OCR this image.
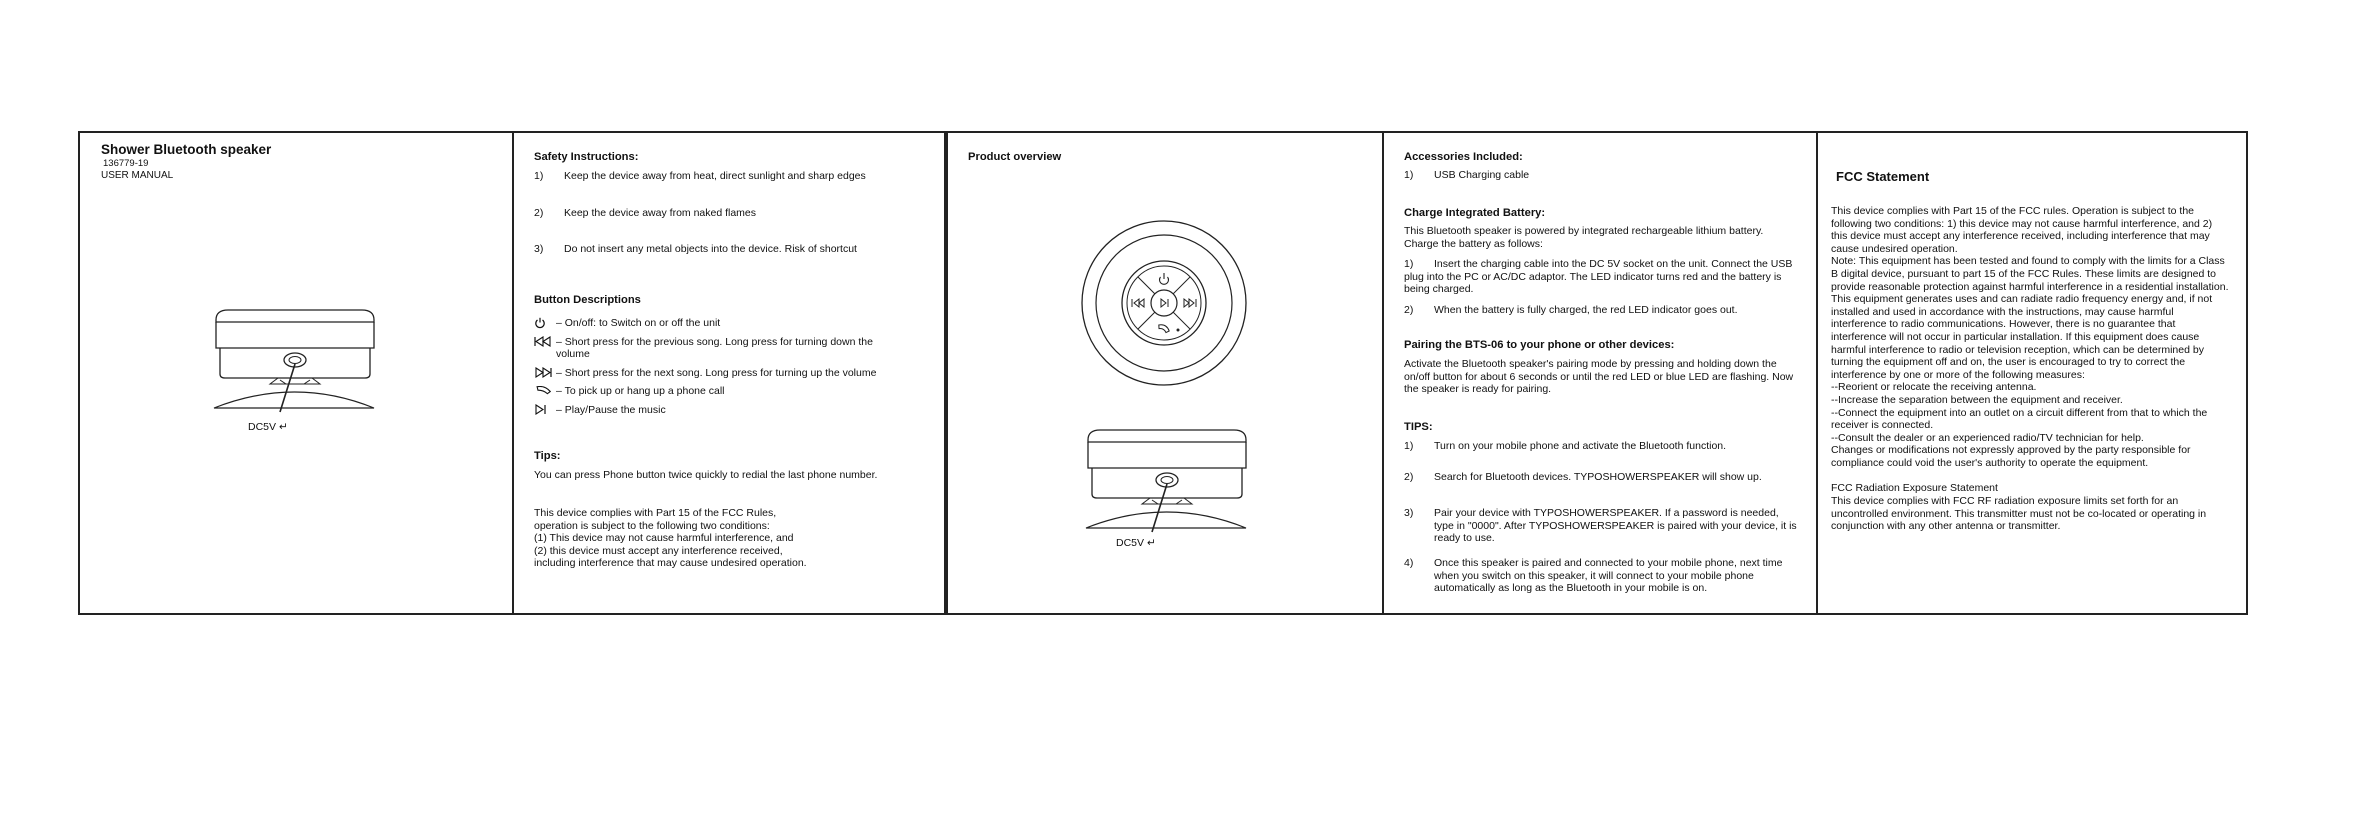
Shower Bluetooth speaker
136779-19
USER MANUAL
DC5V ↵
Safety Instructions:
1)	Keep the device away from heat, direct sunlight and sharp edges
2)	Keep the device away from naked flames
3)	Do not insert any metal objects into the device. Risk of shortcut
Button Descriptions
– On/off: to Switch on or off the unit
– Short press for the previous song. Long press for turning down the volume
– Short press for the next song. Long press for turning up the volume
– To pick up or hang up a phone call
– Play/Pause the music
Tips:
You can press Phone button twice quickly to redial the last phone number.
This device complies with Part 15 of the FCC Rules,
operation is subject to the following two conditions:
(1) This device may not cause harmful interference, and
(2) this device must accept any interference received,
including interference that may cause undesired operation.
Product overview
DC5V ↵
Accessories Included:
1)	USB Charging cable
Charge Integrated Battery:
This Bluetooth speaker is powered by integrated rechargeable lithium battery. Charge the battery as follows:
1)	Insert the charging cable into the DC 5V socket on the unit. Connect the USB plug into the PC or AC/DC adaptor. The LED indicator turns red and the battery is being charged.
2)	When the battery is fully charged, the red LED indicator goes out.
Pairing the BTS-06 to your phone or other devices:
Activate the Bluetooth speaker's pairing mode by pressing and holding down the on/off button for about 6 seconds or until the red LED or blue LED are flashing. Now the speaker is ready for pairing.
TIPS:
1)	Turn on your mobile phone and activate the Bluetooth function.
2)	Search for Bluetooth devices. TYPOSHOWERSPEAKER will show up.
3)	Pair your device with TYPOSHOWERSPEAKER. If a password is needed, type in "0000". After TYPOSHOWERSPEAKER is paired with your device, it is ready to use.
4)	Once this speaker is paired and connected to your mobile phone, next time when you switch on this speaker, it will connect to your mobile phone automatically as long as the Bluetooth in your mobile is on.
FCC Statement

This device complies with Part 15 of the FCC rules. Operation is subject to the following two conditions: 1) this device may not cause harmful interference, and 2) this device must accept any interference received, including interference that may cause undesired operation.

Note: This equipment has been tested and found to comply with the limits for a Class

B digital device, pursuant to part 15 of the FCC Rules. These limits are designed to provide reasonable protection against harmful interference in a residential installation.

This equipment generates uses and can radiate radio frequency energy and, if not installed and used in accordance with the instructions, may cause harmful interference to radio communications. However, there is no guarantee that interference will not occur in particular installation. If this equipment does cause harmful interference to radio or television reception, which can be determined by turning the equipment off and on, the user is encouraged to try to correct the interference by one or more of the following measures:

--Reorient or relocate the receiving antenna.

--Increase the separation between the equipment and receiver.

--Connect the equipment into an outlet on a circuit different from that to which the receiver is connected.

--Consult the dealer or an experienced radio/TV technician for help.

Changes or modifications not expressly approved by the party responsible for compliance could void the user's authority to operate the equipment.

FCC Radiation Exposure Statement

This device complies with FCC RF radiation exposure limits set forth for an uncontrolled environment. This transmitter must not be co-located or operating in conjunction with any other antenna or transmitter.
